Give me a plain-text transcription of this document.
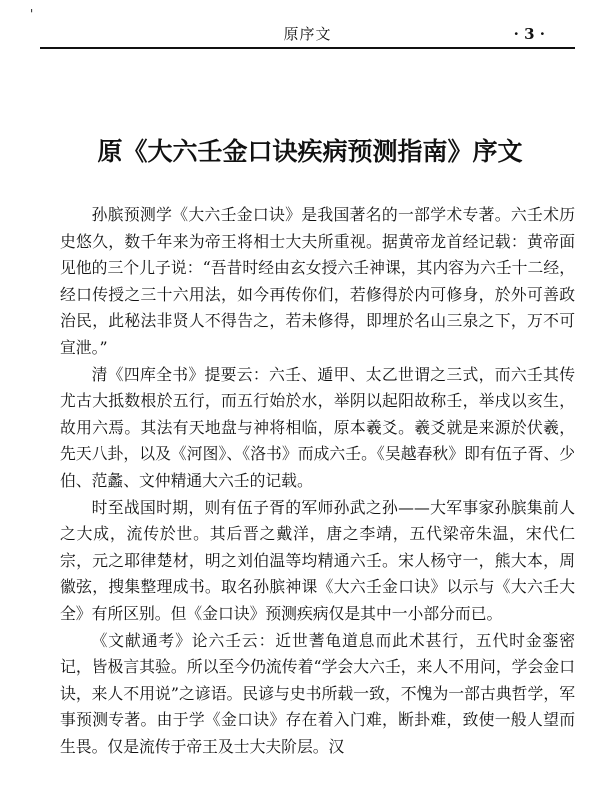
'
原序文	· 3 ·
原《大六壬金口诀疾病预测指南》序文

孙膑预测学《大六壬金口诀》是我国著名的一部学术专著。六壬术历史悠久，数千年来为帝王将相士大夫所重视。据黄帝龙首经记载：黄帝面见他的三个儿子说：“吾昔时经由玄女授六壬神课，其内容为六壬十二经，经口传授之三十六用法，如今再传你们，若修得於内可修身，於外可善政治民，此秘法非贤人不得告之，若未修得，即埋於名山三泉之下，万不可宣泄。”

清《四库全书》提要云：六壬、遁甲、太乙世谓之三式，而六壬其传尤古大抵数根於五行，而五行始於水，举阴以起阳故称壬，举戌以亥生，故用六焉。其法有天地盘与神将相临，原本羲爻。羲爻就是来源於伏羲，先天八卦，以及《河图》、《洛书》而成六壬。《吴越春秋》即有伍子胥、少伯、范蠡、文仲精通大六壬的记载。

时至战国时期，则有伍子胥的军师孙武之孙——大军事家孙膑集前人之大成，流传於世。其后晋之戴洋，唐之李靖，五代梁帝朱温，宋代仁宗，元之耶律楚材，明之刘伯温等均精通六壬。宋人杨守一，熊大本，周徽弦，搜集整理成书。取名孙膑神课《大六壬金口诀》以示与《大六壬大全》有所区别。但《金口诀》预测疾病仅是其中一小部分而已。

《文献通考》论六壬云：近世蓍龟道息而此术甚行，五代时金銮密记，皆极言其验。所以至今仍流传着“学会大六壬，来人不用问，学会金口诀，来人不用说”之谚语。民谚与史书所载一致，不愧为一部古典哲学，军事预测专著。由于学《金口诀》存在着入门难，断卦难，致使一般人望而生畏。仅是流传于帝王及士大夫阶层。汉
